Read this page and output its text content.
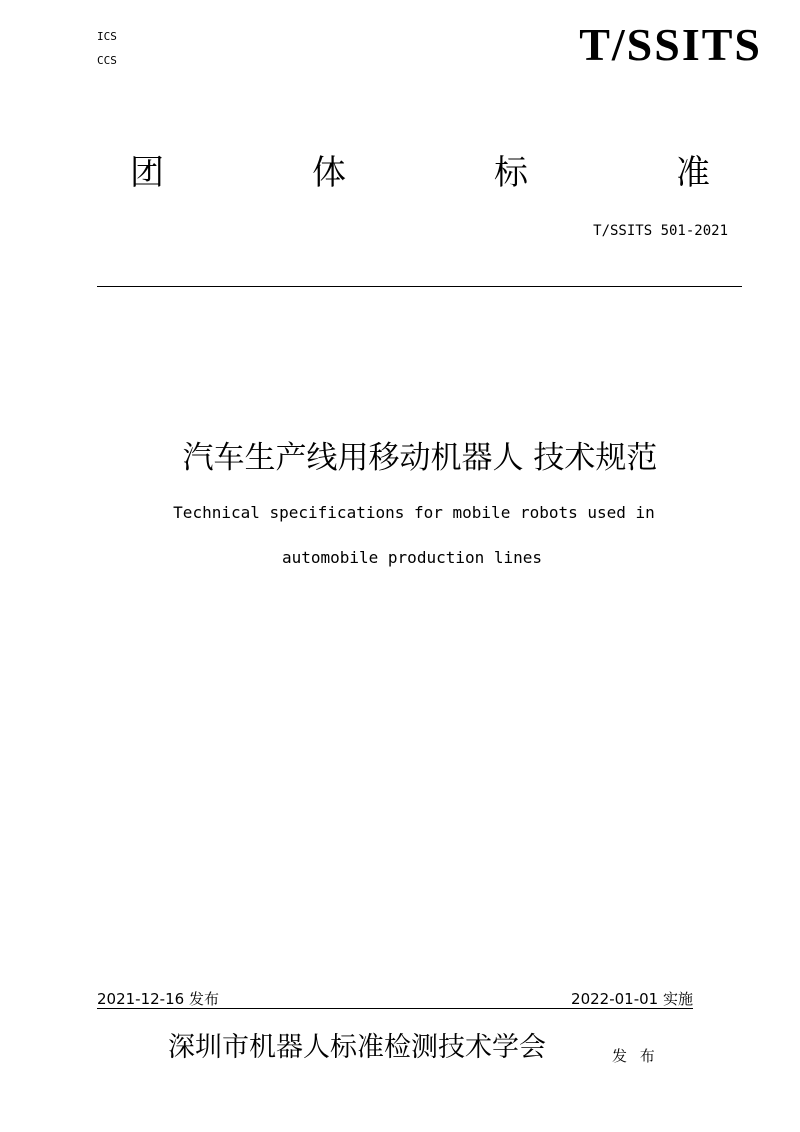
ICS
CCS	T/SSITS
团	体	标	准
T/SSITS 501-2021
汽车生产线用移动机器人 技术规范
Technical specifications for mobile robots used in
automobile production lines
2021-12-16 发布	2022-01-01 实施
深圳市机器人标准检测技术学会	发 布
